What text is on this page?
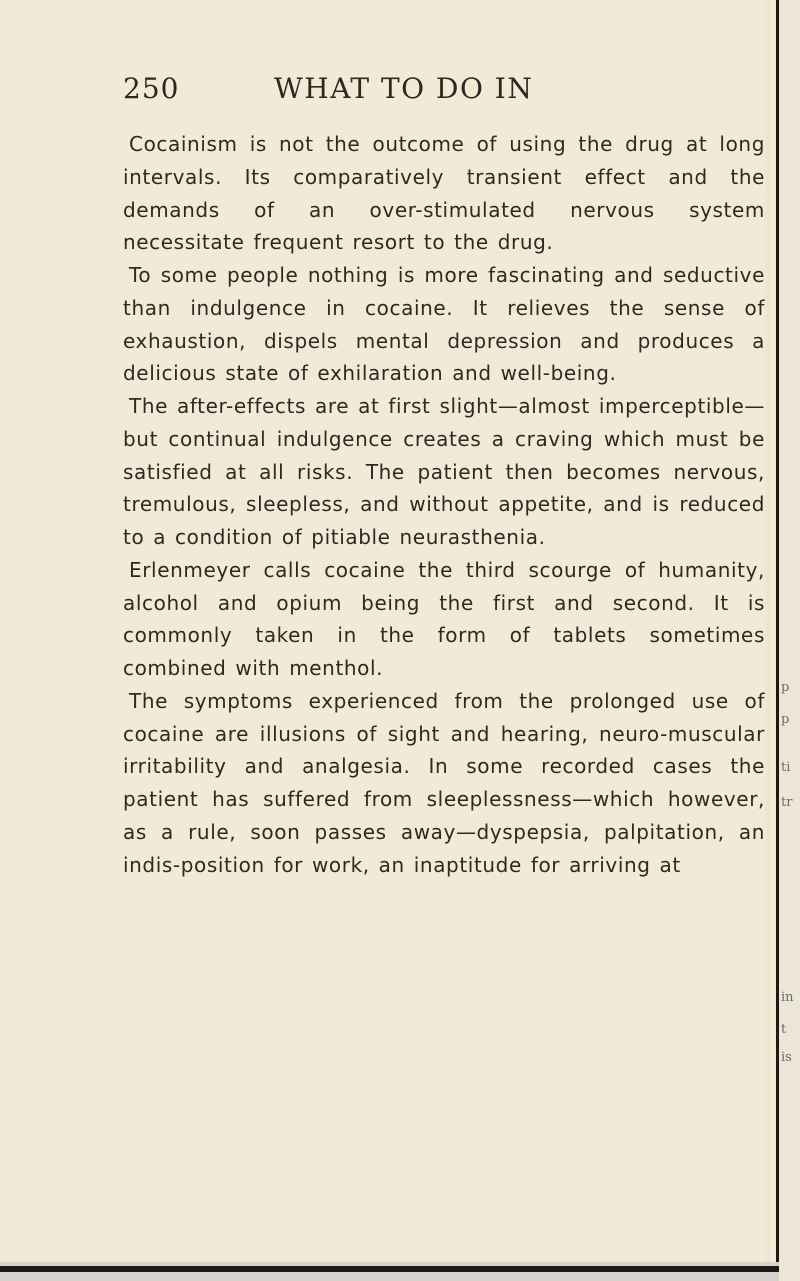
p
p
ti
tr
in
t
is
250	WHAT TO DO IN

Cocainism is not the outcome of using the drug at long intervals. Its comparatively transient effect and the demands of an over-stimulated nervous system necessitate frequent resort to the drug.

To some people nothing is more fascinating and seductive than indulgence in cocaine. It relieves the sense of exhaustion, dispels mental depression and produces a delicious state of exhilaration and well-being.

The after-effects are at first slight—almost imperceptible—but continual indulgence creates a craving which must be satisfied at all risks. The patient then becomes nervous, tremulous, sleepless, and without appetite, and is reduced to a condition of pitiable neurasthenia.

Erlenmeyer calls cocaine the third scourge of humanity, alcohol and opium being the first and second. It is commonly taken in the form of tablets sometimes combined with menthol.

The symptoms experienced from the prolonged use of cocaine are illusions of sight and hearing, neuro-muscular irritability and analgesia. In some recorded cases the patient has suffered from sleeplessness—which however, as a rule, soon passes away—dyspepsia, palpitation, an indis-position for work, an inaptitude for arriving at
